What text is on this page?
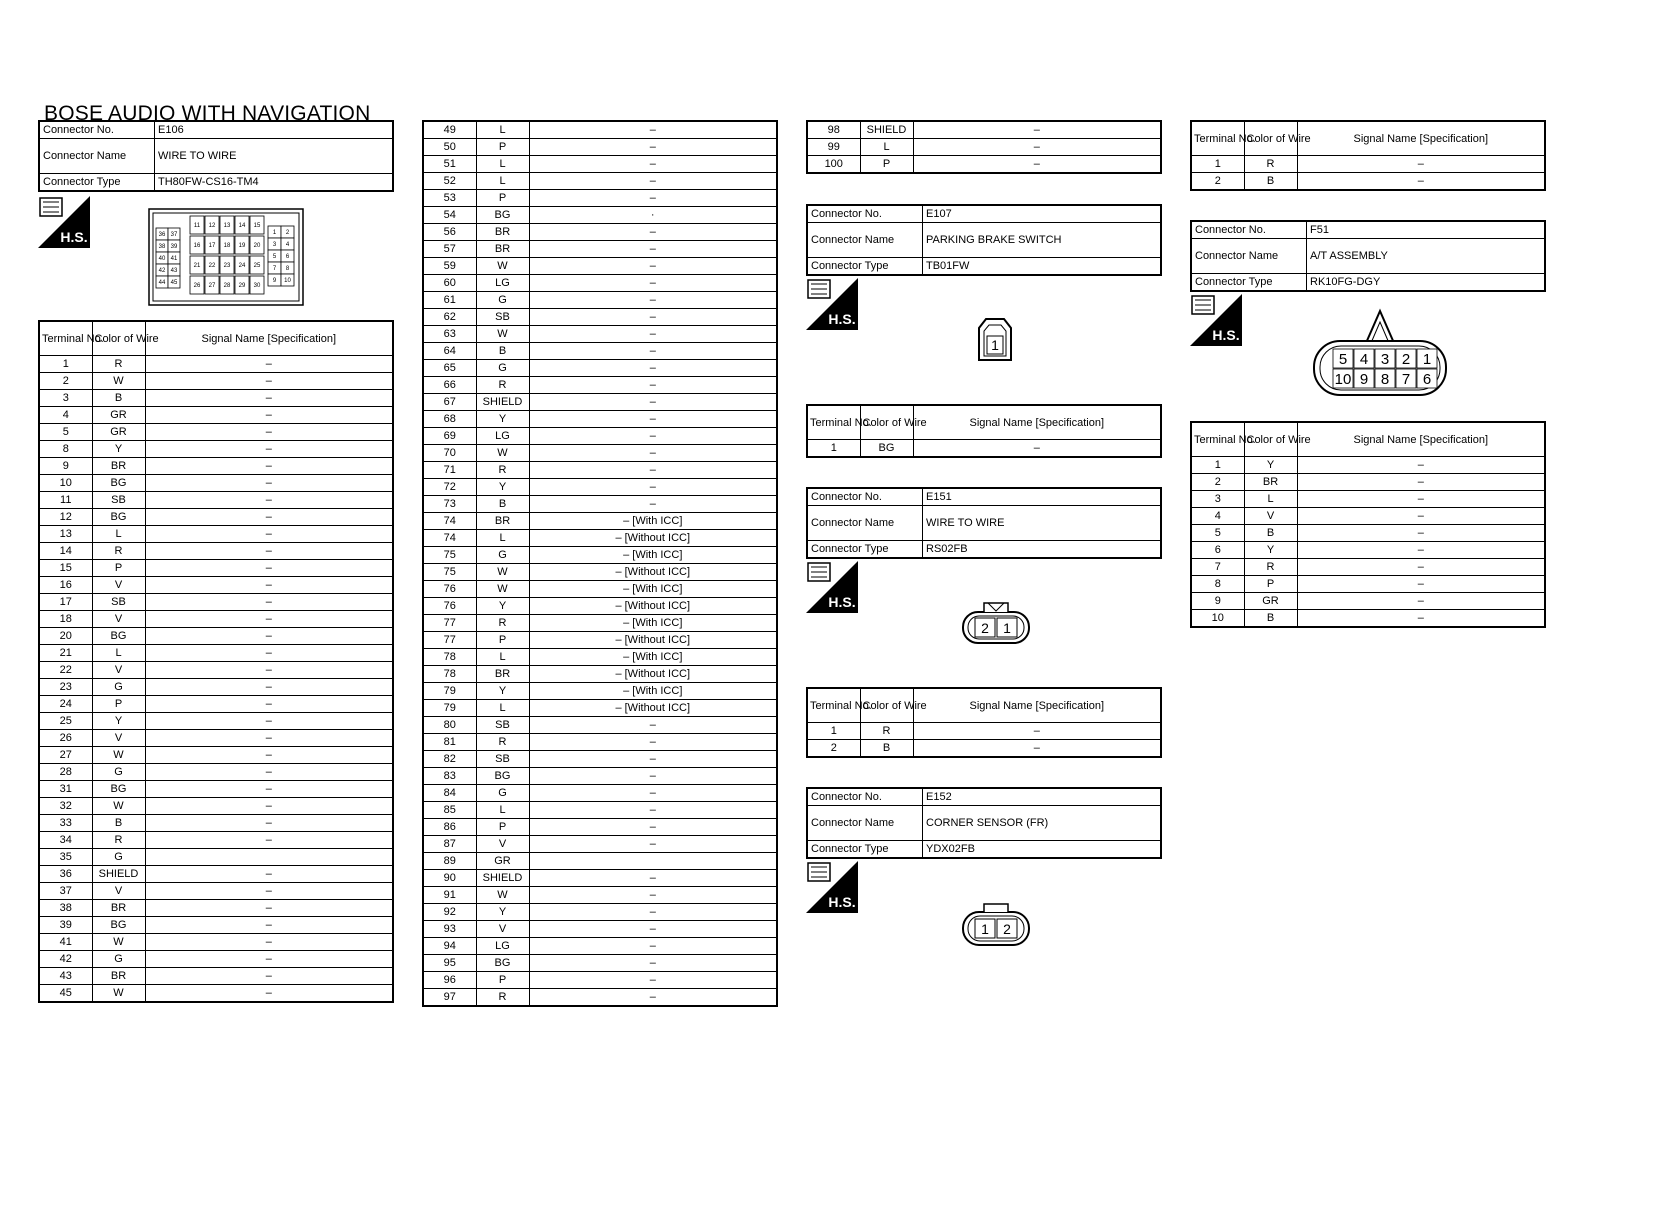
BOSE AUDIO WITH NAVIGATION
Connector No.	E106
Connector Name	WIRE TO WIRE
Connector Type	TH80FW-CS16-TM4
H.S.	36 37
38 39
40 41
42 43
44 45
11 12 13 14 15
16 17 18 19 20
21 22 23 24 25
26 27 28 29 30
1 2
3 4
5 6
7 8
9 10
Terminal No.	Color of Wire	Signal Name [Specification]
1	R	–
2	W	–
3	B	–
4	GR	–
5	GR	–
8	Y	–
9	BR	–
10	BG	–
11	SB	–
12	BG	–
13	L	–
14	R	–
15	P	–
16	V	–
17	SB	–
18	V	–
20	BG	–
21	L	–
22	V	–
23	G	–
24	P	–
25	Y	–
26	V	–
27	W	–
28	G	–
31	BG	–
32	W	–
33	B	–
34	R	–
35	G	
36	SHIELD	–
37	V	–
38	BR	–
39	BG	–
41	W	–
42	G	–
43	BR	–
45	W	–
49	L	–
50	P	–
51	L	–
52	L	–
53	P	–
54	BG	·
56	BR	–
57	BR	–
59	W	–
60	LG	–
61	G	–
62	SB	–
63	W	–
64	B	–
65	G	–
66	R	–
67	SHIELD	–
68	Y	–
69	LG	–
70	W	–
71	R	–
72	Y	–
73	B	–
74	BR	– [With ICC]
74	L	– [Without ICC]
75	G	– [With ICC]
75	W	– [Without ICC]
76	W	– [With ICC]
76	Y	– [Without ICC]
77	R	– [With ICC]
77	P	– [Without ICC]
78	L	– [With ICC]
78	BR	– [Without ICC]
79	Y	– [With ICC]
79	L	– [Without ICC]
80	SB	–
81	R	–
82	SB	–
83	BG	–
84	G	–
85	L	–
86	P	–
87	V	–
89	GR	
90	SHIELD	–
91	W	–
92	Y	–
93	V	–
94	LG	–
95	BG	–
96	P	–
97	R	–
98	SHIELD	–
99	L	–
100	P	–
Connector No.	E107
Connector Name	PARKING BRAKE SWITCH
Connector Type	TB01FW
H.S.
1
Terminal No.	Color of Wire	Signal Name [Specification]
1	BG	–
Connector No.	E151
Connector Name	WIRE TO WIRE
Connector Type	RS02FB
H.S.
2 1
Terminal No.	Color of Wire	Signal Name [Specification]
1	R	–
2	B	–
Connector No.	E152
Connector Name	CORNER SENSOR (FR)
Connector Type	YDX02FB
H.S.
1 2
Terminal No.	Color of Wire	Signal Name [Specification]
1	R	–
2	B	–
Connector No.	F51
Connector Name	A/T ASSEMBLY
Connector Type	RK10FG-DGY
H.S.
5 4 3 2 1
10 9 8 7 6
Terminal No.	Color of Wire	Signal Name [Specification]
1	Y	–
2	BR	–
3	L	–
4	V	–
5	B	–
6	Y	–
7	R	–
8	P	–
9	GR	–
10	B	–
